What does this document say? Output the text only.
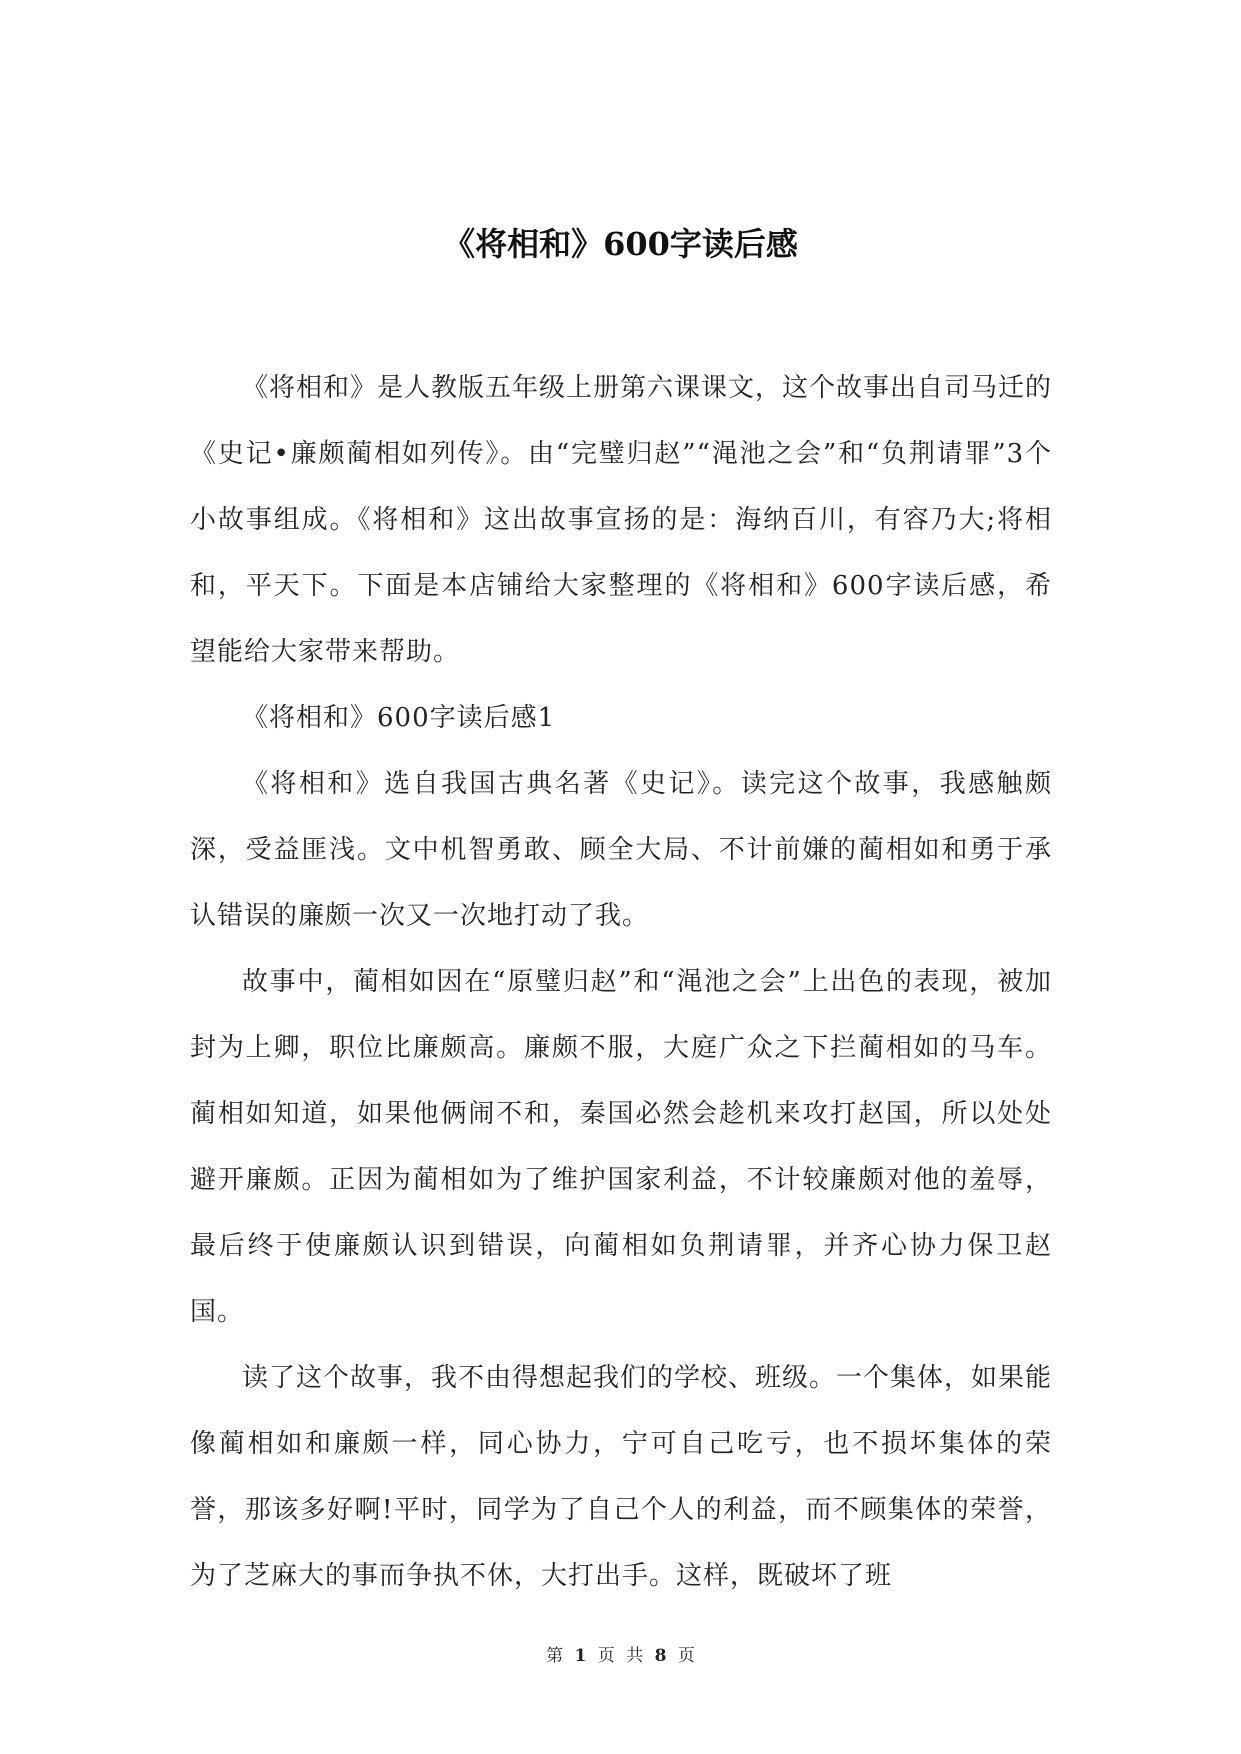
《将相和》600字读后感

《将相和》是人教版五年级上册第六课课文，这个故事出自司马迁的《史记•廉颇蔺相如列传》。由“完璧归赵”“渑池之会”和“负荆请罪”3个小故事组成。《将相和》这出故事宣扬的是：海纳百川，有容乃大;将相和，平天下。下面是本店铺给大家整理的《将相和》600字读后感，希望能给大家带来帮助。

《将相和》600字读后感1

《将相和》选自我国古典名著《史记》。读完这个故事，我感触颇深，受益匪浅。文中机智勇敢、顾全大局、不计前嫌的蔺相如和勇于承认错误的廉颇一次又一次地打动了我。

故事中，蔺相如因在“原璧归赵”和“渑池之会”上出色的表现，被加封为上卿，职位比廉颇高。廉颇不服，大庭广众之下拦蔺相如的马车。蔺相如知道，如果他俩闹不和，秦国必然会趁机来攻打赵国，所以处处避开廉颇。正因为蔺相如为了维护国家利益，不计较廉颇对他的羞辱，最后终于使廉颇认识到错误，向蔺相如负荆请罪，并齐心协力保卫赵国。

读了这个故事，我不由得想起我们的学校、班级。一个集体，如果能像蔺相如和廉颇一样，同心协力，宁可自己吃亏，也不损坏集体的荣誉，那该多好啊!平时，同学为了自己个人的利益，而不顾集体的荣誉，为了芝麻大的事而争执不休，大打出手。这样，既破坏了班

第 1 页 共 8 页
